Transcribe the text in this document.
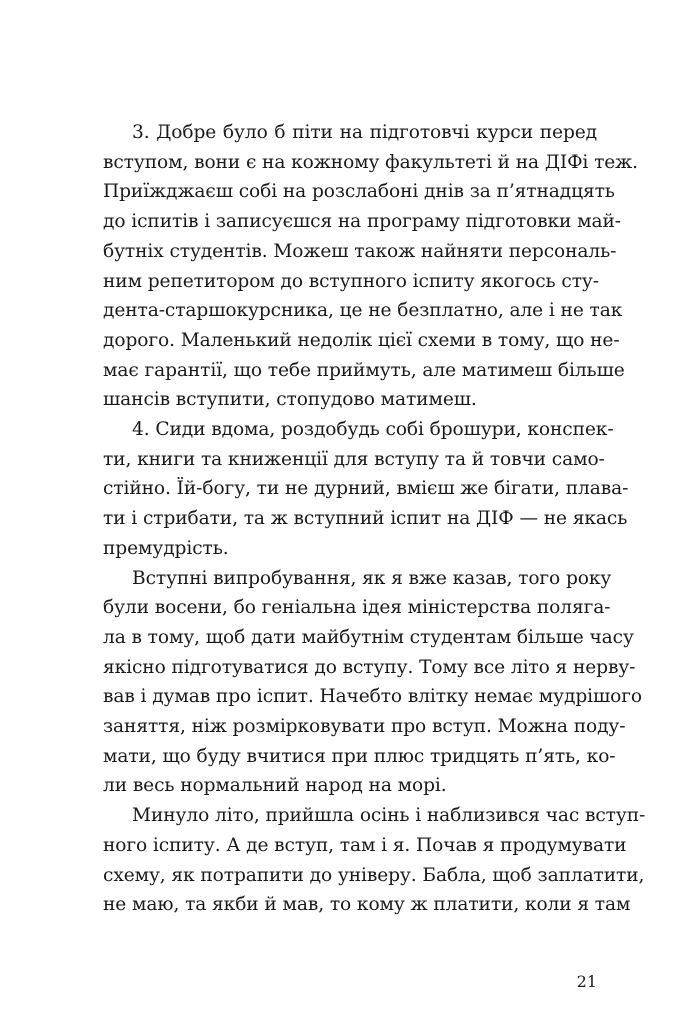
3. Добре було б піти на підготовчі курси перед
вступом, вони є на кожному факультеті й на ДІФі теж.
Приїжджаєш собі на розслабоні днів за п’ятнадцять
до іспитів і записуєшся на програму підготовки май-
бутніх студентів. Можеш також найняти персональ-
ним репетитором до вступного іспиту якогось сту-
дента-старшокурсника, це не безплатно, але і не так
дорого. Маленький недолік цієї схеми в тому, що не-
має гарантії, що тебе приймуть, але матимеш більше
шансів вступити, стопудово матимеш.
4. Сиди вдома, роздобудь собі брошури, конспек-
ти, книги та книженції для вступу та й товчи само-
стійно. Їй-богу, ти не дурний, вмієш же бігати, плава-
ти і стрибати, та ж вступний іспит на ДІФ — не якась
премудрість.
Вступні випробування, як я вже казав, того року
були восени, бо геніальна ідея міністерства поляга-
ла в тому, щоб дати майбутнім студентам більше часу
якісно підготуватися до вступу. Тому все літо я нерву-
вав і думав про іспит. Начебто влітку немає мудрішого
заняття, ніж розмірковувати про вступ. Можна поду-
мати, що буду вчитися при плюс тридцять п’ять, ко-
ли весь нормальний народ на морі.
Минуло літо, прийшла осінь і наблизився час вступ-
ного іспиту. А де вступ, там і я. Почав я продумувати
схему, як потрапити до універу. Бабла, щоб заплатити,
не маю, та якби й мав, то кому ж платити, коли я там
21
